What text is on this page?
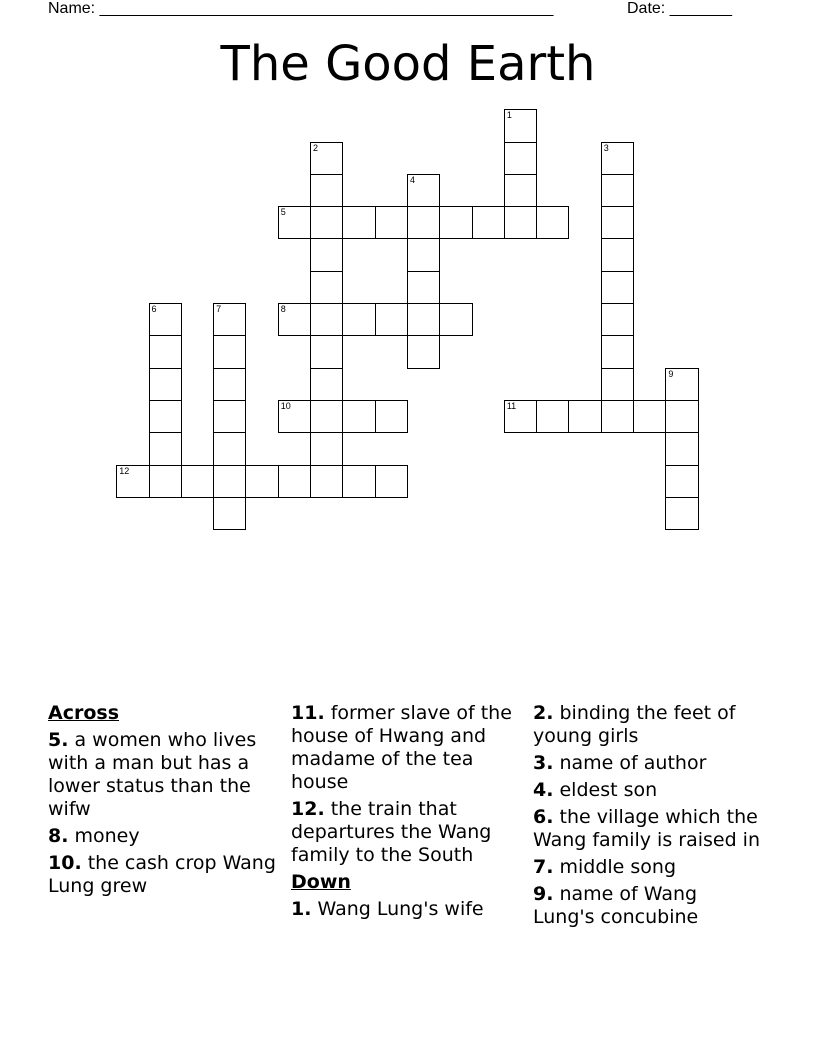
Name: ___________________________________________________	Date: _______
The Good Earth
5
8
10	11
12
1
2	3
4
6	7
9
Across
5. a women who lives with a man but has a lower status than the wifw
8. money
10. the cash crop Wang Lung grew
11. former slave of the house of Hwang and madame of the tea house
12. the train that departures the Wang family to the South
Down
1. Wang Lung's wife
2. binding the feet of young girls
3. name of author
4. eldest son
6. the village which the Wang family is raised in
7. middle song
9. name of Wang Lung's concubine
